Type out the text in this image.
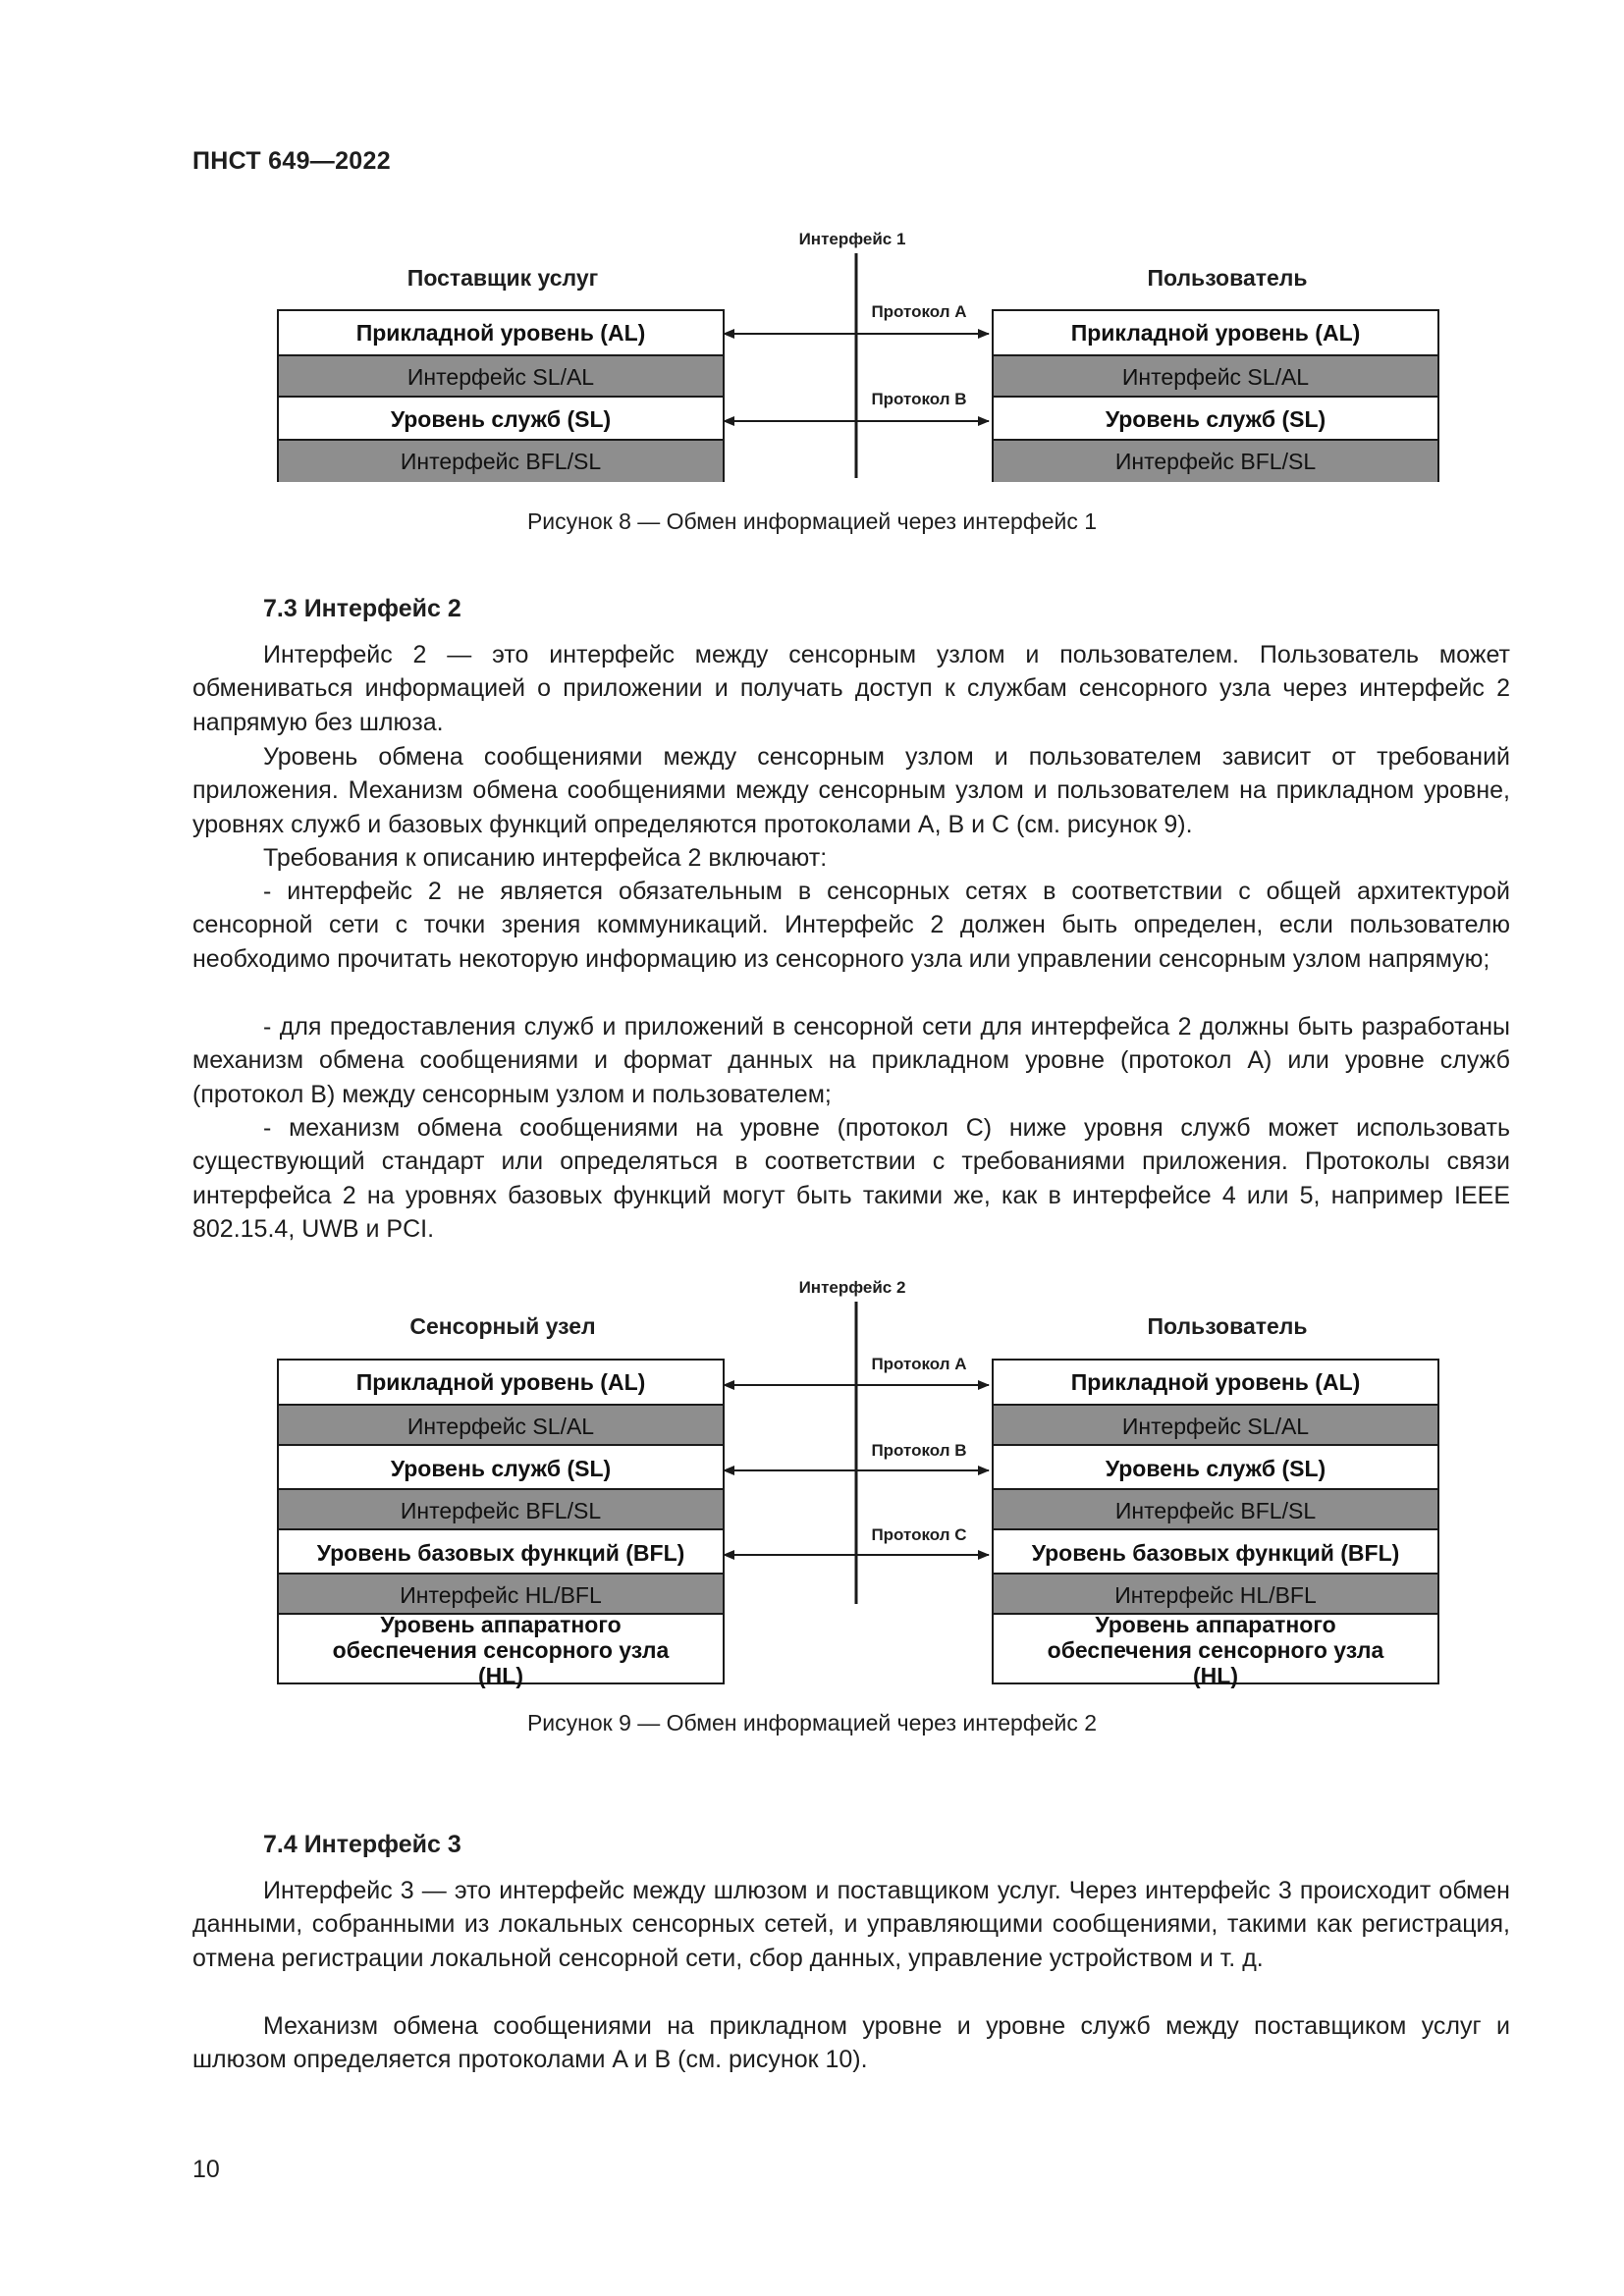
ПНСТ 649—2022
Интерфейс 1
Поставщик услуг	Пользователь
Прикладной уровень (AL)
Интерфейс SL/AL
Уровень служб (SL)
Интерфейс BFL/SL
Прикладной уровень (AL)
Интерфейс SL/AL
Уровень служб (SL)
Интерфейс BFL/SL
Протокол A
Протокол B
Рисунок 8 — Обмен информацией через интерфейс 1
7.3 Интерфейс 2
Интерфейс 2 — это интерфейс между сенсорным узлом и пользователем. Пользователь может обмениваться информацией о приложении и получать доступ к службам сенсорного узла через интерфейс 2 напрямую без шлюза.
Уровень обмена сообщениями между сенсорным узлом и пользователем зависит от требований приложения. Механизм обмена сообщениями между сенсорным узлом и пользователем на прикладном уровне, уровнях служб и базовых функций определяются протоколами A, B и C (см. рисунок 9).
Требования к описанию интерфейса 2 включают:
- интерфейс 2 не является обязательным в сенсорных сетях в соответствии с общей архитектурой сенсорной сети с точки зрения коммуникаций. Интерфейс 2 должен быть определен, если пользователю необходимо прочитать некоторую информацию из сенсорного узла или управлении сенсорным узлом напрямую;
- для предоставления служб и приложений в сенсорной сети для интерфейса 2 должны быть разработаны механизм обмена сообщениями и формат данных на прикладном уровне (протокол A) или уровне служб (протокол B) между сенсорным узлом и пользователем;
- механизм обмена сообщениями на уровне (протокол C) ниже уровня служб может использовать существующий стандарт или определяться в соответствии с требованиями приложения. Протоколы связи интерфейса 2 на уровнях базовых функций могут быть такими же, как в интерфейсе 4 или 5, например IEEE 802.15.4, UWB и PCI.
Интерфейс 2
Сенсорный узел	Пользователь
Прикладной уровень (AL)
Интерфейс SL/AL
Уровень служб (SL)
Интерфейс BFL/SL
Уровень базовых функций (BFL)
Интерфейс HL/BFL
Уровень аппаратного обеспечения сенсорного узла (HL)
Прикладной уровень (AL)
Интерфейс SL/AL
Уровень служб (SL)
Интерфейс BFL/SL
Уровень базовых функций (BFL)
Интерфейс HL/BFL
Уровень аппаратного обеспечения сенсорного узла (HL)
Протокол A
Протокол B
Протокол C
Рисунок 9 — Обмен информацией через интерфейс 2
7.4 Интерфейс 3
Интерфейс 3 — это интерфейс между шлюзом и поставщиком услуг. Через интерфейс 3 происходит обмен данными, собранными из локальных сенсорных сетей, и управляющими сообщениями, такими как регистрация, отмена регистрации локальной сенсорной сети, сбор данных, управление устройством и т. д.
Механизм обмена сообщениями на прикладном уровне и уровне служб между поставщиком услуг и шлюзом определяется протоколами A и B (см. рисунок 10).
10
